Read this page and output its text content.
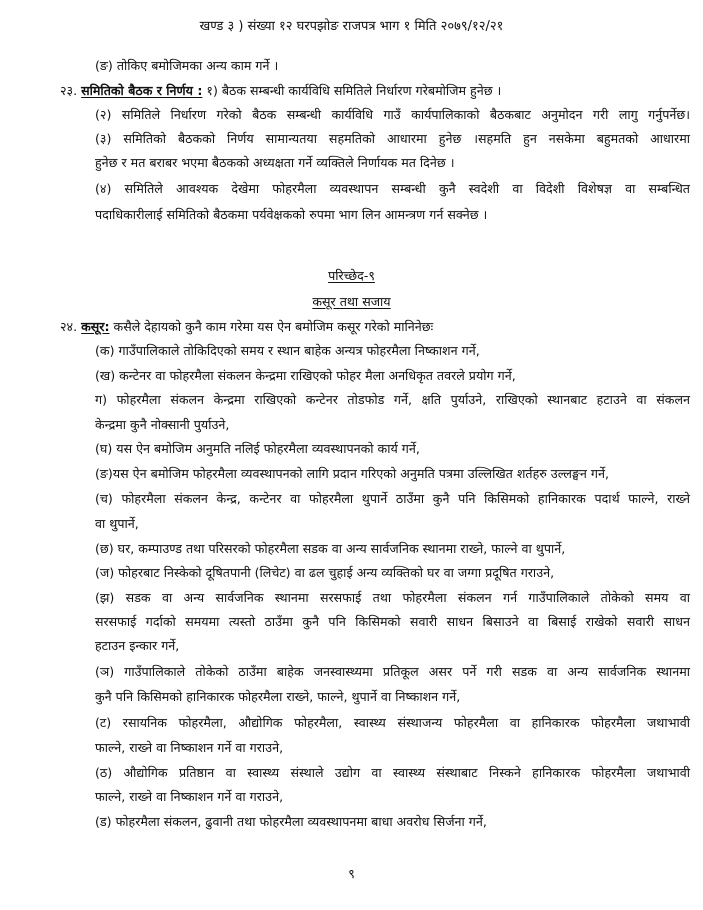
खण्ड ३ ) संख्या १२ घरपझोङ राजपत्र भाग १ मिति २०७९/१२/२१

(ङ) तोकिए बमोजिमका अन्य काम गर्ने ।

२३. समितिको बैठक र निर्णय : १) बैठक सम्बन्धी कार्यविधि समितिले निर्धारण गरेबमोजिम हुनेछ ।

(२) समितिले निर्धारण गरेको बैठक सम्बन्धी कार्यविधि गाउँ कार्यपालिकाको बैठकबाट अनुमोदन गरी लागु गर्नुपर्नेछ।

(३) समितिको बैठकको निर्णय सामान्यतया सहमतिको आधारमा हुनेछ ।सहमति हुन नसकेमा बहुमतको आधारमा

हुनेछ र मत बराबर भएमा बैठकको अध्यक्षता गर्ने व्यक्तिले निर्णायक मत दिनेछ ।

(४) समितिले आवश्यक देखेमा फोहरमैला व्यवस्थापन सम्बन्धी कुनै स्वदेशी वा विदेशी विशेषज्ञ वा सम्बन्धित

पदाधिकारीलाई समितिको बैठकमा पर्यवेक्षकको रुपमा भाग लिन आमन्त्रण गर्न सक्नेछ ।

परिच्छेद-९

कसूर तथा सजाय

२४. कसूर: कसैले देहायको कुनै काम गरेमा यस ऐन बमोजिम कसूर गरेको मानिनेछः

(क) गाउँपालिकाले तोकिदिएको समय र स्थान बाहेक अन्यत्र फोहरमैला निष्काशन गर्ने,

(ख) कन्टेनर वा फोहरमैला संकलन केन्द्रमा राखिएको फोहर मैला अनधिकृत तवरले प्रयोग गर्ने,

ग) फोहरमैला संकलन केन्द्रमा राखिएको कन्टेनर तोडफोड गर्ने, क्षति पुर्याउने, राखिएको स्थानबाट हटाउने वा संकलन

केन्द्रमा कुनै नोक्सानी पुर्याउने,

(घ) यस ऐन बमोजिम अनुमति नलिई फोहरमैला व्यवस्थापनको कार्य गर्ने,

(ङ)यस ऐन बमोजिम फोहरमैला व्यवस्थापनको लागि प्रदान गरिएको अनुमति पत्रमा उल्लिखित शर्तहरु उल्लङ्घन गर्ने,

(च) फोहरमैला संकलन केन्द्र, कन्टेनर वा फोहरमैला थुपार्ने ठाउँमा कुनै पनि किसिमको हानिकारक पदार्थ फाल्ने, राख्ने

वा थुपार्ने,

(छ) घर, कम्पाउण्ड तथा परिसरको फोहरमैला सडक वा अन्य सार्वजनिक स्थानमा राख्ने, फाल्ने वा थुपार्ने,

(ज) फोहरबाट निस्केको दूषितपानी (लिचेट) वा ढल चुहाई अन्य व्यक्तिको घर वा जग्गा प्रदूषित गराउने,

(झ) सडक वा अन्य सार्वजनिक स्थानमा सरसफाई तथा फोहरमैला संकलन गर्न गाउँपालिकाले तोकेको समय वा

सरसफाई गर्दाको समयमा त्यस्तो ठाउँमा कुनै पनि किसिमको सवारी साधन बिसाउने वा बिसाई राखेको सवारी साधन

हटाउन इन्कार गर्ने,

(ञ) गाउँपालिकाले तोकेको ठाउँमा बाहेक जनस्वास्थ्यमा प्रतिकूल असर पर्ने गरी सडक वा अन्य सार्वजनिक स्थानमा

कुनै पनि किसिमको हानिकारक फोहरमैला राख्ने, फाल्ने, थुपार्ने वा निष्काशन गर्ने,

(ट) रसायनिक फोहरमैला, औद्योगिक फोहरमैला, स्वास्थ्य संस्थाजन्य फोहरमैला वा हानिकारक फोहरमैला जथाभावी

फाल्ने, राख्ने वा निष्काशन गर्ने वा गराउने,

(ठ) औद्योगिक प्रतिष्ठान वा स्वास्थ्य संस्थाले उद्योग वा स्वास्थ्य संस्थाबाट निस्कने हानिकारक फोहरमैला जथाभावी

फाल्ने, राख्ने वा निष्काशन गर्ने वा गराउने,

(ड) फोहरमैला संकलन, ढुवानी तथा फोहरमैला व्यवस्थापनमा बाधा अवरोध सिर्जना गर्ने,

९
